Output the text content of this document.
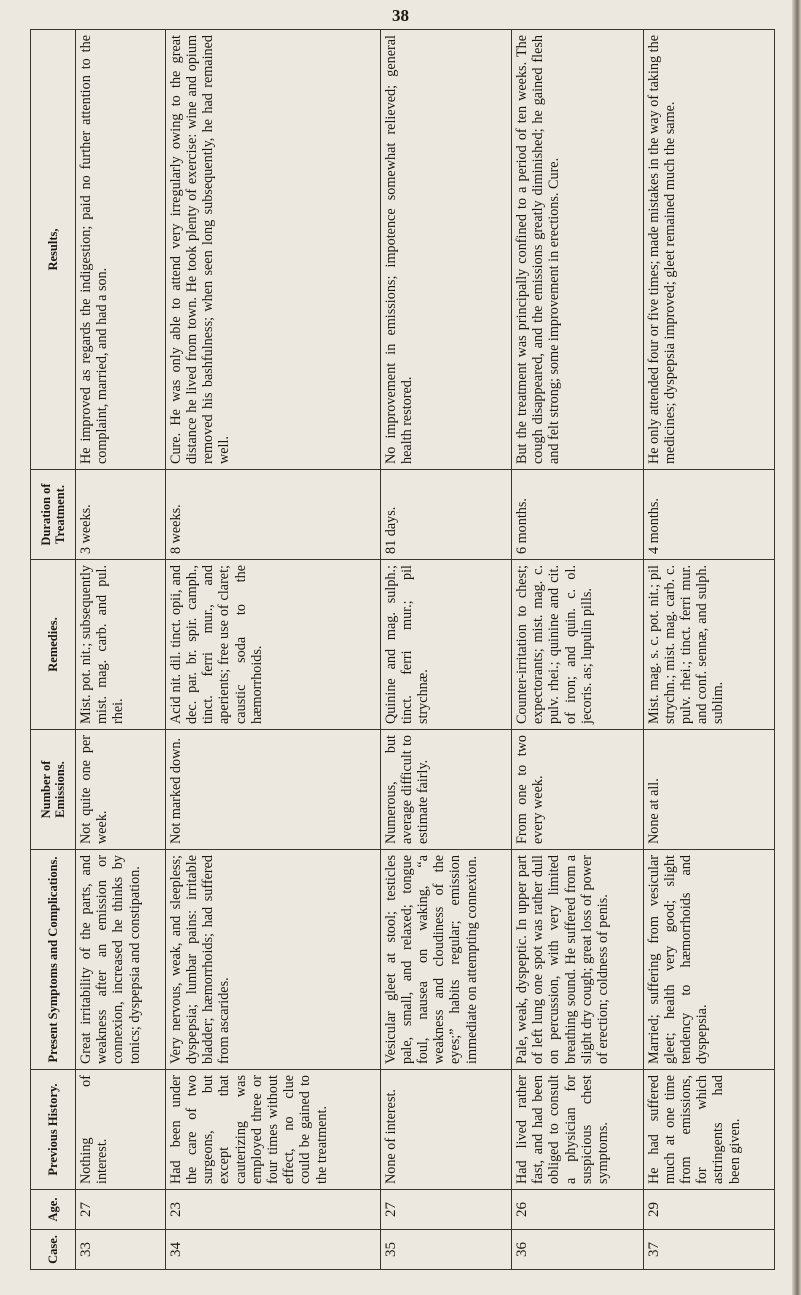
38
Case.	Age.	Previous History.	Present Symptoms and Complications.	Number of Emissions.	Remedies.	Duration of Treatment.	Results,
33	27	Nothing of interest.	Great irritability of the parts, and weakness after an emission or connexion, increased he thinks by tonics; dyspepsia and constipation.	Not quite one per week.	Mist. pot. nit.; subsequently mist. mag. carb. and pul. rhei.	3 weeks.	He improved as regards the indigestion; paid no further attention to the complaint, married, and had a son.
34	23	Had been under the care of two surgeons, but except that cauterizing was employed three or four times without effect, no clue could be gained to the treatment.	Very nervous, weak, and sleepless; dyspepsia; lumbar pains: irritable bladder; hæmorrhoids; had suffered from ascarides.	Not marked down.	Acid nit. dil. tinct. opii, and dec. par. br. spir. camph., tinct. ferri mur., and aperients; free use of claret; caustic soda to the hæmorrhoids.	8 weeks.	Cure. He was only able to attend very irregularly owing to the great distance he lived from town. He took plenty of exercise: wine and opium removed his bashfulness; when seen long subsequently, he had remained well.
35	27	None of interest.	Vesicular gleet at stool; testicles pale, small, and relaxed; tongue foul, nausea on waking, “a weakness and cloudiness of the eyes;” habits regular; emission immediate on attempting connexion.	Numerous, but average difficult to estimate fairly.	Quinine and mag. sulph.; tinct. ferri mur.; pil strychnæ.	81 days.	No improvement in emissions; impotence somewhat relieved; general health restored.
36	26	Had lived rather fast, and had been obliged to consult a physician for suspicious chest symptoms.	Pale, weak, dyspeptic. In upper part of left lung one spot was rather dull on percussion, with very limited breathing sound. He suffered from a slight dry cough; great loss of power of erection; coldness of penis.	From one to two every week.	Counter-irritation to chest; expectorants; mist. mag. c. pulv. rhei.; quinine and cit. of iron; and quin. c. ol. jecoris. as; lupulin pills.	6 months.	But the treatment was principally confined to a period of ten weeks. The cough disappeared, and the emissions greatly diminished; he gained flesh and felt strong; some improvement in erections. Cure.
37	29	He had suffered much at one time from emissions, for which astringents had been given.	Married; suffering from vesicular gleet; health very good; slight tendency to hæmorrhoids and dyspepsia.	None at all.	Mist. mag. s. c. pot. nit.; pil strychn.; mist. mag. carb. c. pulv. rhei.; tinct. ferri mur. and conf. sennæ, and sulph. sublim.	4 months.	He only attended four or five times; made mistakes in the way of taking the medicines; dyspepsia improved; gleet remained much the same.
